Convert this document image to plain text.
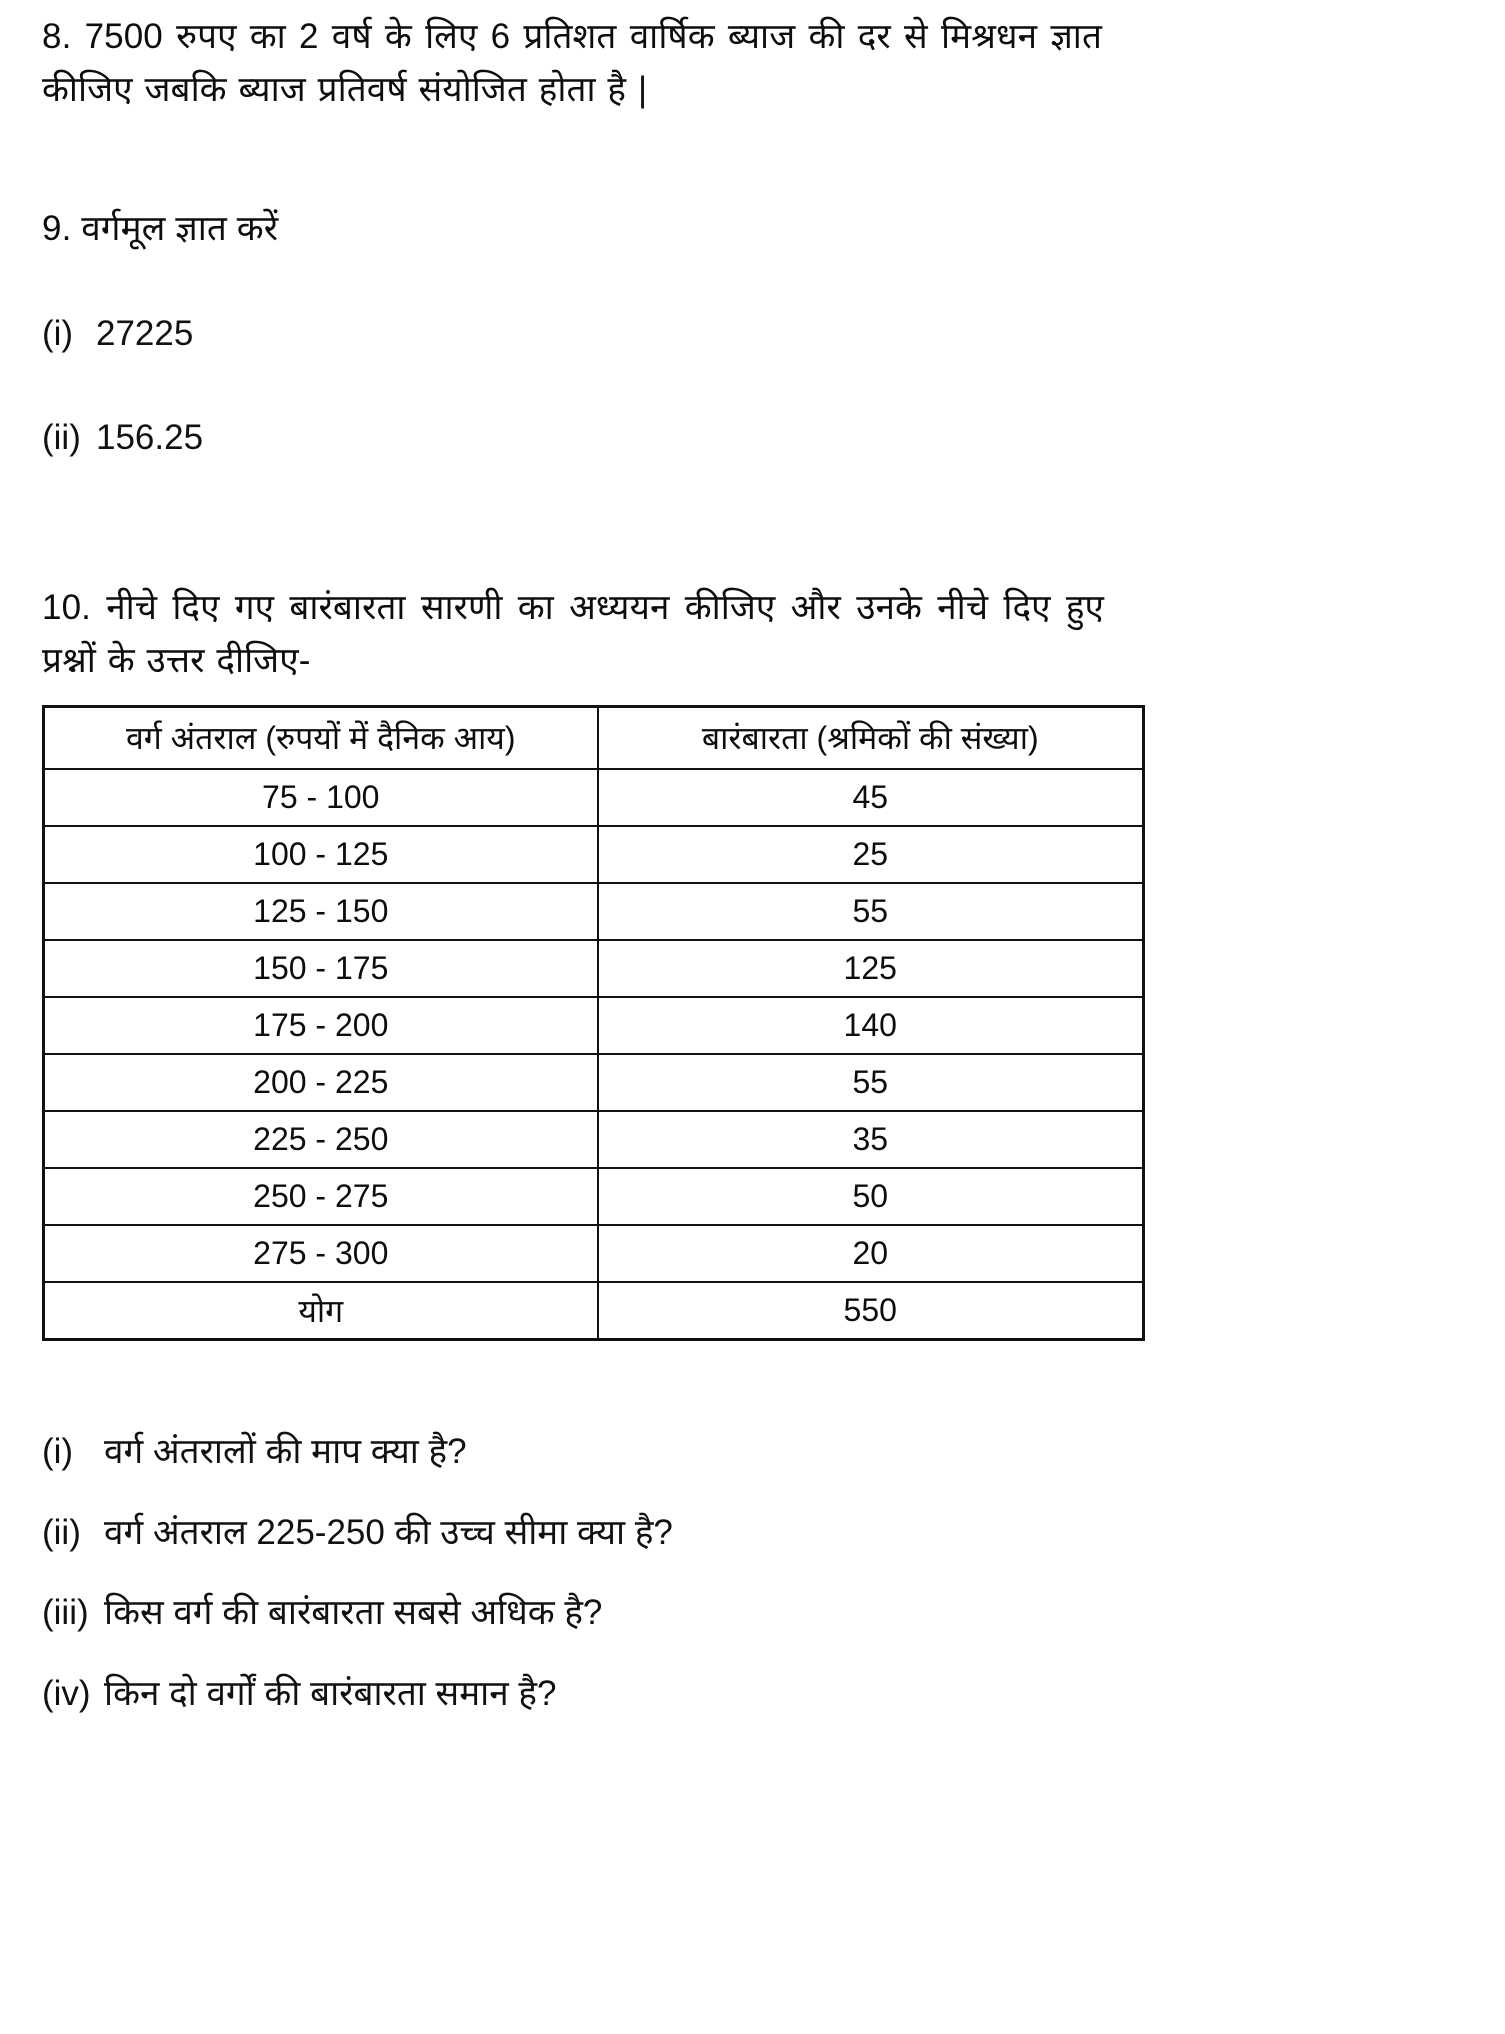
8. 7500 रुपए का 2 वर्ष के लिए 6 प्रतिशत वार्षिक ब्याज की दर से मिश्रधन ज्ञात कीजिए जबकि ब्याज प्रतिवर्ष संयोजित होता है |

9. वर्गमूल ज्ञात करें

(i) 27225

(ii) 156.25

10. नीचे दिए गए बारंबारता सारणी का अध्ययन कीजिए और उनके नीचे दिए हुए प्रश्नों के उत्तर दीजिए-

वर्ग अंतराल (रुपयों में दैनिक आय)	बारंबारता (श्रमिकों की संख्या)
75 - 100	45
100 - 125	25
125 - 150	55
150 - 175	125
175 - 200	140
200 - 225	55
225 - 250	35
250 - 275	50
275 - 300	20
योग	550

(i) वर्ग अंतरालों की माप क्या है?

(ii) वर्ग अंतराल 225-250 की उच्च सीमा क्या है?

(iii) किस वर्ग की बारंबारता सबसे अधिक है?

(iv) किन दो वर्गों की बारंबारता समान है?
